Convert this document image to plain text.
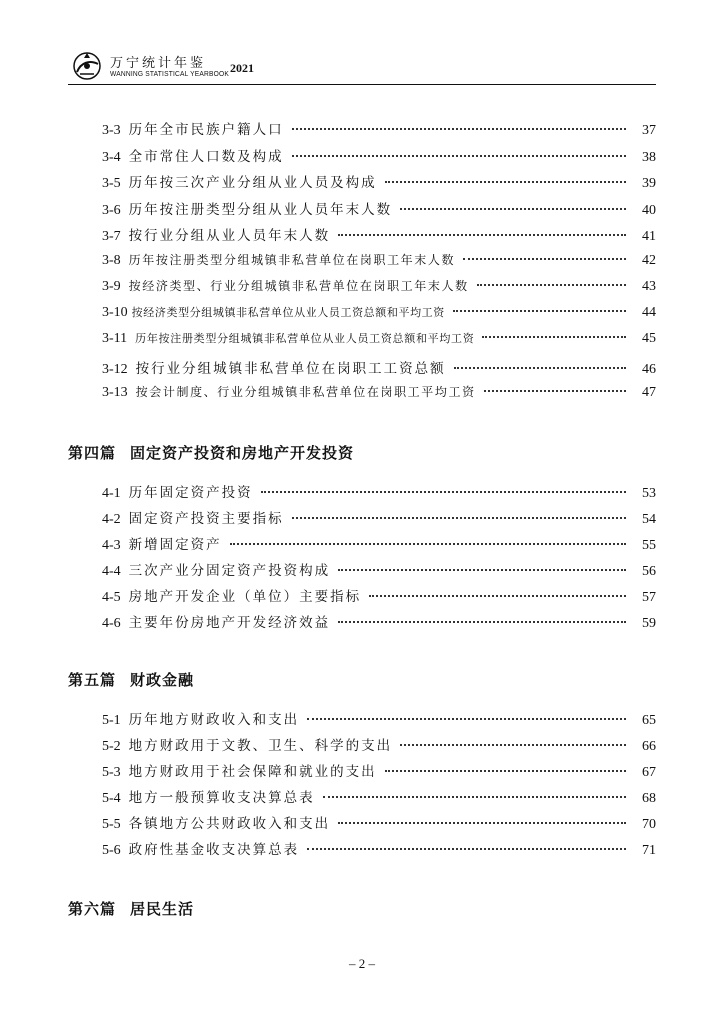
万宁统计年鉴
WANNING STATISTICAL YEARBOOK 2021
3-3 历年全市民族户籍人口	37
3-4 全市常住人口数及构成	38
3-5 历年按三次产业分组从业人员及构成	39
3-6 历年按注册类型分组从业人员年末人数	40
3-7 按行业分组从业人员年末人数	41
3-8 历年按注册类型分组城镇非私营单位在岗职工年末人数	42
3-9 按经济类型、行业分组城镇非私营单位在岗职工年末人数	43
3-10 按经济类型分组城镇非私营单位从业人员工资总额和平均工资	44
3-11 历年按注册类型分组城镇非私营单位从业人员工资总额和平均工资	45
3-12 按行业分组城镇非私营单位在岗职工工资总额	46
3-13 按会计制度、行业分组城镇非私营单位在岗职工平均工资	47
第四篇 固定资产投资和房地产开发投资
4-1 历年固定资产投资	53
4-2 固定资产投资主要指标	54
4-3 新增固定资产	55
4-4 三次产业分固定资产投资构成	56
4-5 房地产开发企业（单位）主要指标	57
4-6 主要年份房地产开发经济效益	59
第五篇 财政金融
5-1 历年地方财政收入和支出	65
5-2 地方财政用于文教、卫生、科学的支出	66
5-3 地方财政用于社会保障和就业的支出	67
5-4 地方一般预算收支决算总表	68
5-5 各镇地方公共财政收入和支出	70
5-6 政府性基金收支决算总表	71
第六篇 居民生活
– 2 –
